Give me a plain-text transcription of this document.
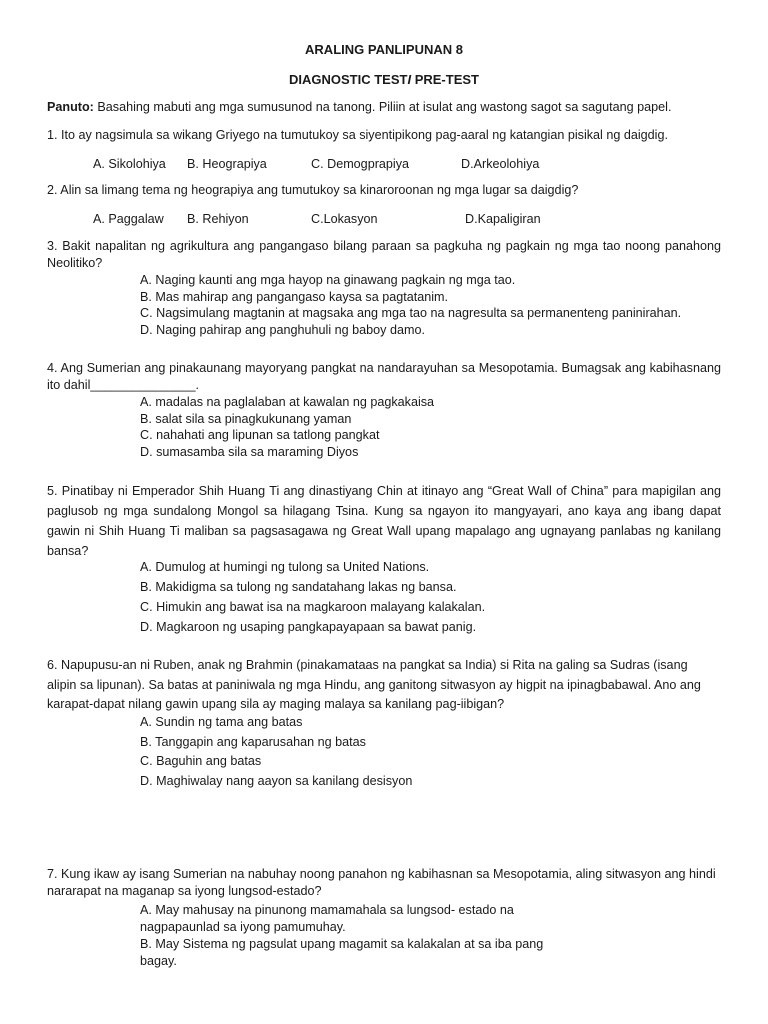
ARALING PANLIPUNAN 8
DIAGNOSTIC TESTI PRE-TEST
Panuto: Basahing mabuti ang mga sumusunod na tanong. Piliin at isulat ang wastong sagot sa sagutang papel.
1. Ito ay nagsimula sa wikang Griyego na tumutukoy sa siyentipikong pag-aaral ng katangian pisikal ng daigdig.
A. Sikolohiya B. Heograpiya	C. Demogprapiya	D.Arkeolohiya
2. Alin sa limang tema ng heograpiya ang tumutukoy sa kinaroroonan ng mga lugar sa daigdig?
A. Paggalaw B. Rehiyon	C.Lokasyon	D.Kapaligiran
3. Bakit napalitan ng agrikultura ang pangangaso bilang paraan sa pagkuha ng pagkain ng mga tao noong panahong Neolitiko?
A. Naging kaunti ang mga hayop na ginawang pagkain ng mga tao.
B. Mas mahirap ang pangangaso kaysa sa pagtatanim.
C. Nagsimulang magtanin at magsaka ang mga tao na nagresulta sa permanenteng paninirahan.
D. Naging pahirap ang panghuhuli ng baboy damo.
4. Ang Sumerian ang pinakaunang mayoryang pangkat na nandarayuhan sa Mesopotamia. Bumagsak ang kabihasnang ito dahil_______________.
A. madalas na paglalaban at kawalan ng pagkakaisa
B. salat sila sa pinagkukunang yaman
C. nahahati ang lipunan sa tatlong pangkat
D. sumasamba sila sa maraming Diyos
5. Pinatibay ni Emperador Shih Huang Ti ang dinastiyang Chin at itinayo ang “Great Wall of China” para mapigilan ang paglusob ng mga sundalong Mongol sa hilagang Tsina. Kung sa ngayon ito mangyayari, ano kaya ang ibang dapat gawin ni Shih Huang Ti maliban sa pagsasagawa ng Great Wall upang mapalago ang ugnayang panlabas ng kanilang bansa?
A. Dumulog at humingi ng tulong sa United Nations.
B. Makidigma sa tulong ng sandatahang lakas ng bansa.
C. Himukin ang bawat isa na magkaroon malayang kalakalan.
D. Magkaroon ng usaping pangkapayapaan sa bawat panig.
6. Napupusu-an ni Ruben, anak ng Brahmin (pinakamataas na pangkat sa India) si Rita na galing sa Sudras (isang
alipin sa lipunan). Sa batas at paniniwala ng mga Hindu, ang ganitong sitwasyon ay higpit na ipinagbabawal. Ano ang
karapat-dapat nilang gawin upang sila ay maging malaya sa kanilang pag-iibigan?
A. Sundin ng tama ang batas
B. Tanggapin ang kaparusahan ng batas
C. Baguhin ang batas
D. Maghiwalay nang aayon sa kanilang desisyon
7. Kung ikaw ay isang Sumerian na nabuhay noong panahon ng kabihasnan sa Mesopotamia, aling sitwasyon ang hindi
nararapat na maganap sa iyong lungsod-estado?
A. May mahusay na pinunong mamamahala sa lungsod- estado na
nagpapaunlad sa iyong pamumuhay.
B. May Sistema ng pagsulat upang magamit sa kalakalan at sa iba pang
bagay.
